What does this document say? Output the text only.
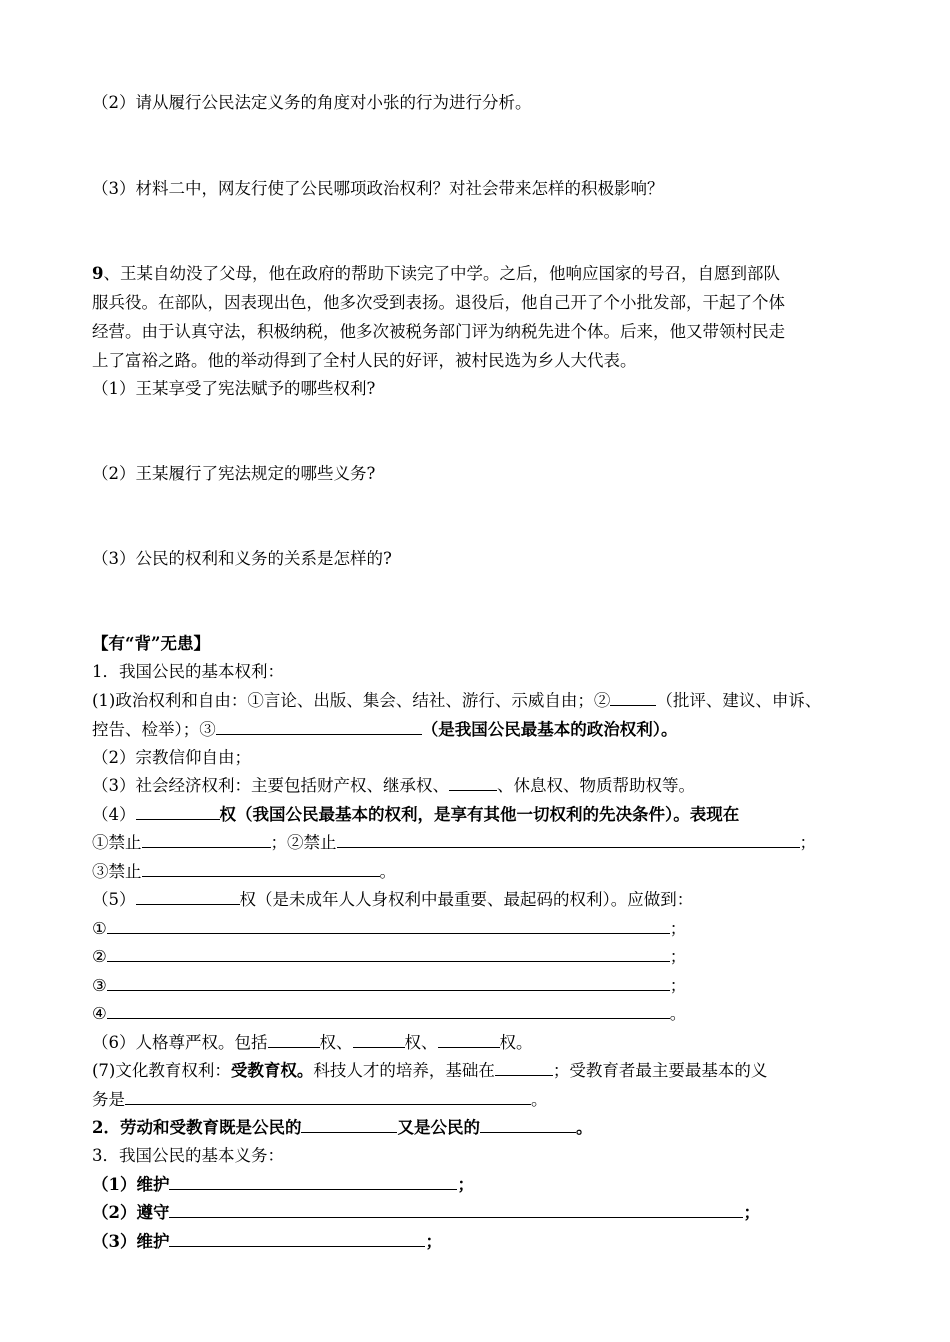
（2）请从履行公民法定义务的角度对小张的行为进行分析。
（3）材料二中，网友行使了公民哪项政治权利？对社会带来怎样的积极影响？
9、王某自幼没了父母，他在政府的帮助下读完了中学。之后，他响应国家的号召，自愿到部队
服兵役。在部队，因表现出色，他多次受到表扬。退役后，他自己开了个小批发部，干起了个体
经营。由于认真守法，积极纳税，他多次被税务部门评为纳税先进个体。后来，他又带领村民走
上了富裕之路。他的举动得到了全村人民的好评，被村民选为乡人大代表。
（1）王某享受了宪法赋予的哪些权利?
（2）王某履行了宪法规定的哪些义务?
（3）公民的权利和义务的关系是怎样的?
【有“背”无患】
1．我国公民的基本权利：
(1)政治权利和自由：①言论、出版、集会、结社、游行、示威自由；②	（批评、建议、申诉、
控告、检举）；③	（是我国公民最基本的政治权利）。
（2）宗教信仰自由；
（3）社会经济权利：主要包括财产权、继承权、	、休息权、物质帮助权等。
（4）	权（我国公民最基本的权利，是享有其他一切权利的先决条件）。表现在
①禁止	；②禁止	；
③禁止	。
（5）	权（是未成年人人身权利中最重要、最起码的权利）。应做到：
①	；
②	；
③	；
④	。
（6）人格尊严权。包括	权、	权、	权。
(7)文化教育权利：受教育权。科技人才的培养，基础在	；受教育者最主要最基本的义
务是	。
2．劳动和受教育既是公民的	又是公民的	。
3．我国公民的基本义务：
（1）维护	；
（2）遵守	；
（3）维护	；
